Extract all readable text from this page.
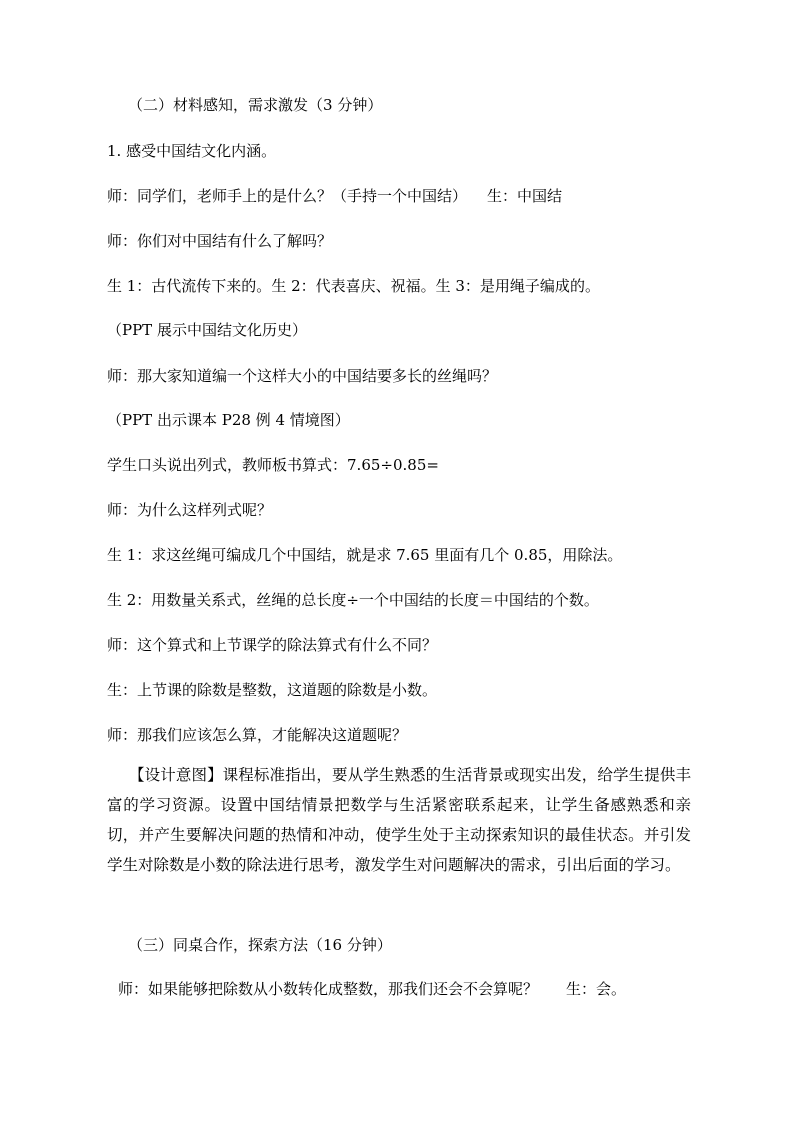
（二）材料感知，需求激发（3 分钟）
1. 感受中国结文化内涵。
师：同学们，老师手上的是什么？（手持一个中国结） 生：中国结
师：你们对中国结有什么了解吗？
生 1：古代流传下来的。生 2：代表喜庆、祝福。生 3：是用绳子编成的。
（PPT 展示中国结文化历史）
师：那大家知道编一个这样大小的中国结要多长的丝绳吗？
（PPT 出示课本 P28 例 4 情境图）
学生口头说出列式，教师板书算式：7.65÷0.85=
师：为什么这样列式呢？
生 1：求这丝绳可编成几个中国结，就是求 7.65 里面有几个 0.85，用除法。
生 2：用数量关系式，丝绳的总长度÷一个中国结的长度＝中国结的个数。
师：这个算式和上节课学的除法算式有什么不同？
生：上节课的除数是整数，这道题的除数是小数。
师：那我们应该怎么算，才能解决这道题呢？
【设计意图】课程标准指出，要从学生熟悉的生活背景或现实出发，给学生提供丰富的学习资源。设置中国结情景把数学与生活紧密联系起来，让学生备感熟悉和亲切，并产生要解决问题的热情和冲动，使学生处于主动探索知识的最佳状态。并引发学生对除数是小数的除法进行思考，激发学生对问题解决的需求，引出后面的学习。
（三）同桌合作，探索方法（16 分钟）
师：如果能够把除数从小数转化成整数，那我们还会不会算呢？ 生：会。
